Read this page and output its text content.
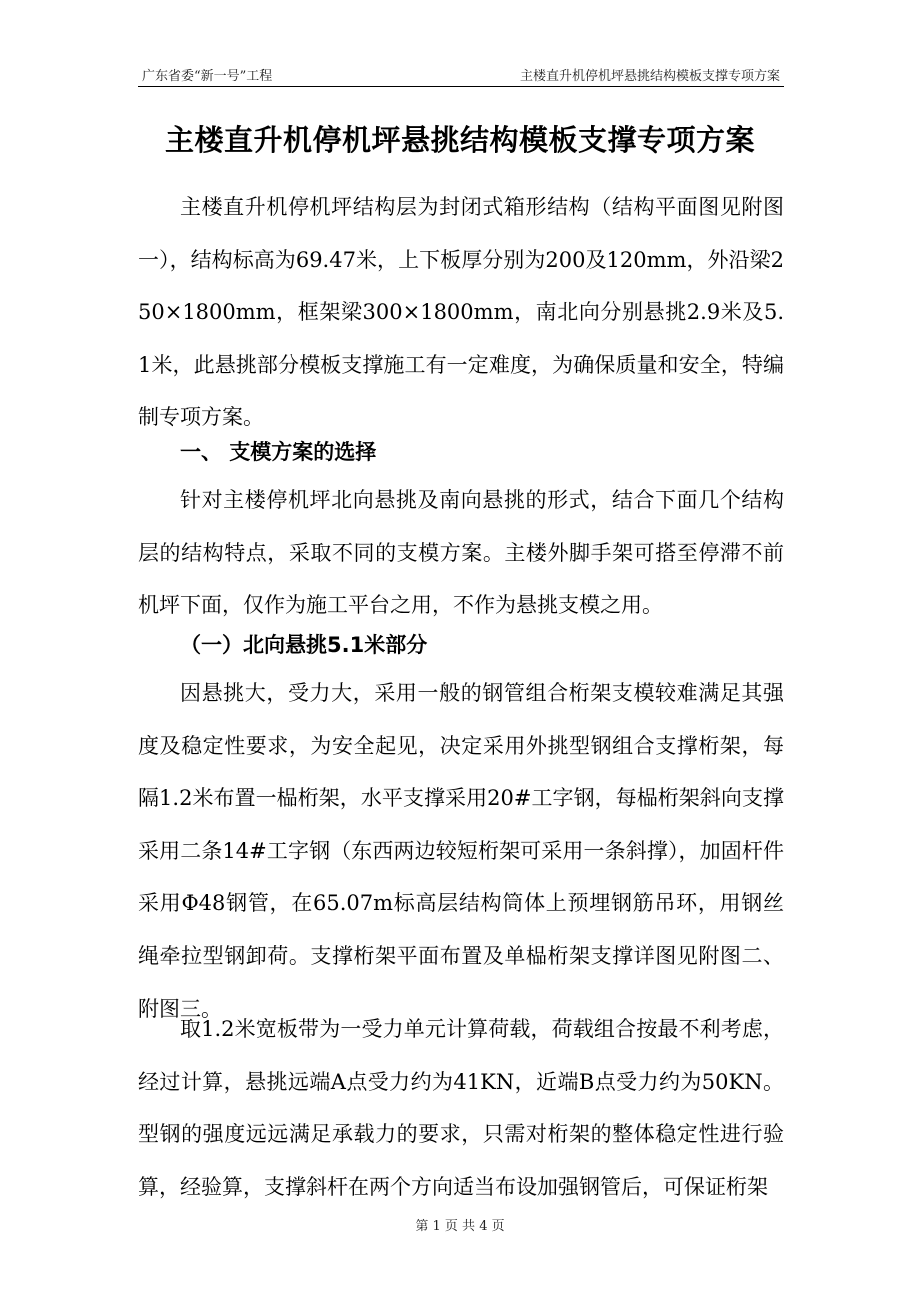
广东省委“新一号”工程	主楼直升机停机坪悬挑结构模板支撑专项方案
主楼直升机停机坪悬挑结构模板支撑专项方案

主楼直升机停机坪结构层为封闭式箱形结构（结构平面图见附图一），结构标高为69.47米，上下板厚分别为200及120mm，外沿梁250×1800mm，框架梁300×1800mm，南北向分别悬挑2.9米及5.1米，此悬挑部分模板支撑施工有一定难度，为确保质量和安全，特编制专项方案。

一、 支模方案的选择

针对主楼停机坪北向悬挑及南向悬挑的形式，结合下面几个结构层的结构特点，采取不同的支模方案。主楼外脚手架可搭至停滞不前机坪下面，仅作为施工平台之用，不作为悬挑支模之用。

（一）北向悬挑5.1米部分

因悬挑大，受力大，采用一般的钢管组合桁架支模较难满足其强度及稳定性要求，为安全起见，决定采用外挑型钢组合支撑桁架，每隔1.2米布置一榀桁架，水平支撑采用20#工字钢，每榀桁架斜向支撑采用二条14#工字钢（东西两边较短桁架可采用一条斜撑），加固杆件采用Φ48钢管，在65.07m标高层结构筒体上预埋钢筋吊环，用钢丝绳牵拉型钢卸荷。支撑桁架平面布置及单榀桁架支撑详图见附图二、附图三。

取1.2米宽板带为一受力单元计算荷载，荷载组合按最不利考虑，经过计算，悬挑远端A点受力约为41KN，近端B点受力约为50KN。型钢的强度远远满足承载力的要求，只需对桁架的整体稳定性进行验算，经验算，支撑斜杆在两个方向适当布设加强钢管后，可保证桁架

第 1 页 共 4 页
